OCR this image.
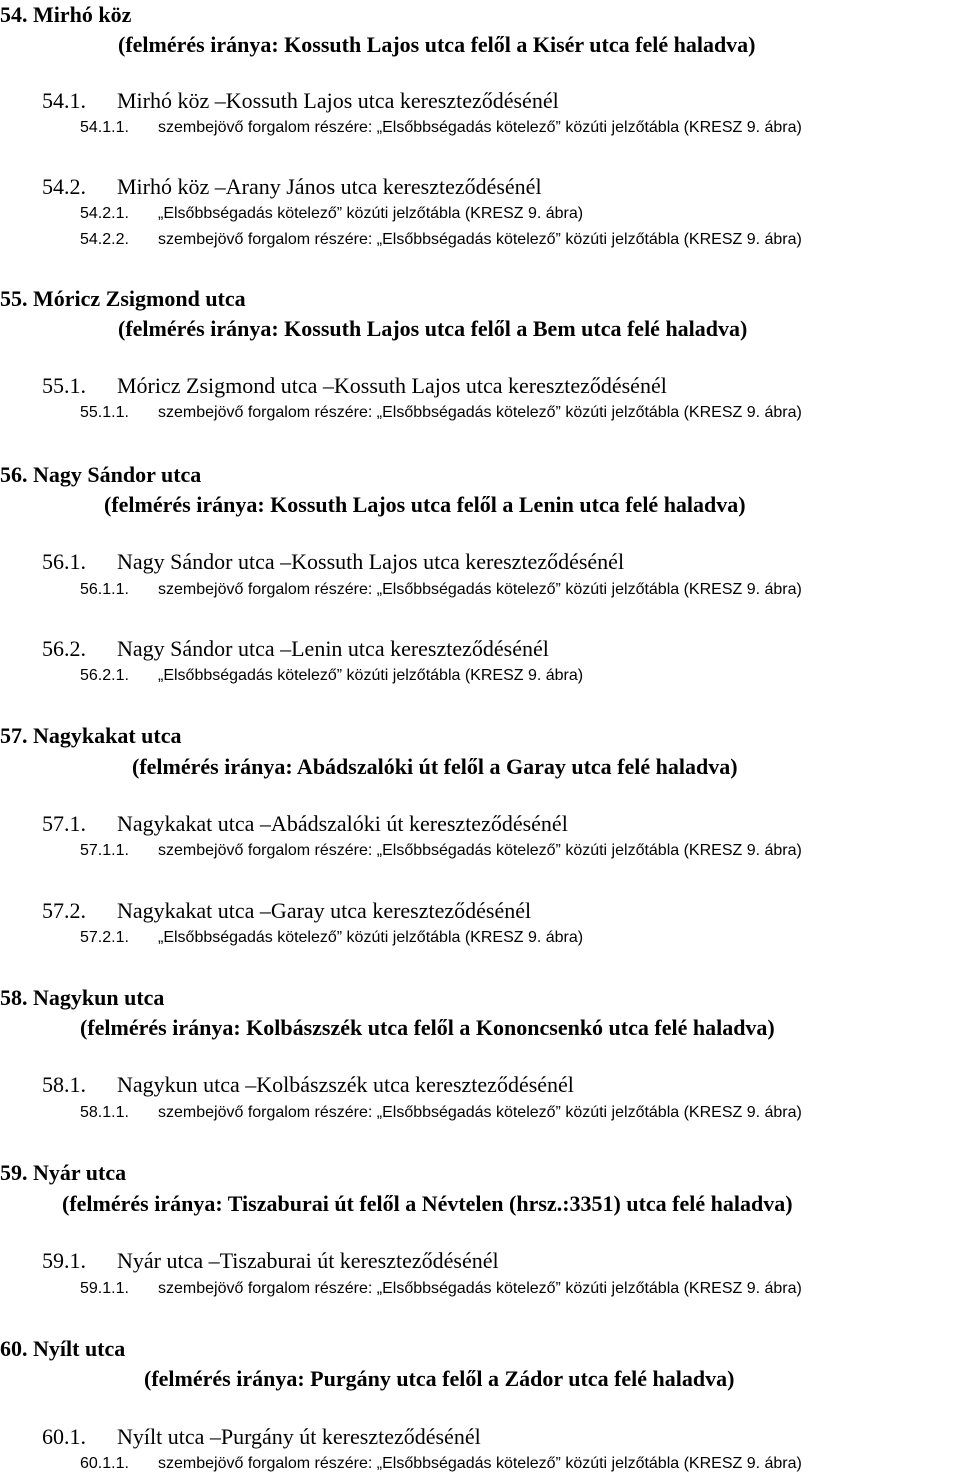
54. Mirhó köz
(felmérés iránya: Kossuth Lajos utca felől a Kisér utca felé haladva)
54.1. Mirhó köz –Kossuth Lajos utca kereszteződésénél
54.1.1. szembejövő forgalom részére: „Elsőbbségadás kötelező” közúti jelzőtábla (KRESZ 9. ábra)
54.2. Mirhó köz –Arany János utca kereszteződésénél
54.2.1. „Elsőbbségadás kötelező” közúti jelzőtábla (KRESZ 9. ábra)
54.2.2. szembejövő forgalom részére: „Elsőbbségadás kötelező” közúti jelzőtábla (KRESZ 9. ábra)
55. Móricz Zsigmond utca
(felmérés iránya: Kossuth Lajos utca felől a Bem utca felé haladva)
55.1. Móricz Zsigmond utca –Kossuth Lajos utca kereszteződésénél
55.1.1. szembejövő forgalom részére: „Elsőbbségadás kötelező” közúti jelzőtábla (KRESZ 9. ábra)
56. Nagy Sándor utca
(felmérés iránya: Kossuth Lajos utca felől a Lenin utca felé haladva)
56.1. Nagy Sándor utca –Kossuth Lajos utca kereszteződésénél
56.1.1. szembejövő forgalom részére: „Elsőbbségadás kötelező” közúti jelzőtábla (KRESZ 9. ábra)
56.2. Nagy Sándor utca –Lenin utca kereszteződésénél
56.2.1. „Elsőbbségadás kötelező” közúti jelzőtábla (KRESZ 9. ábra)
57. Nagykakat utca
(felmérés iránya: Abádszalóki út felől a Garay utca felé haladva)
57.1. Nagykakat utca –Abádszalóki út kereszteződésénél
57.1.1. szembejövő forgalom részére: „Elsőbbségadás kötelező” közúti jelzőtábla (KRESZ 9. ábra)
57.2. Nagykakat utca –Garay utca kereszteződésénél
57.2.1. „Elsőbbségadás kötelező” közúti jelzőtábla (KRESZ 9. ábra)
58. Nagykun utca
(felmérés iránya: Kolbászszék utca felől a Kononcsenkó utca felé haladva)
58.1. Nagykun utca –Kolbászszék utca kereszteződésénél
58.1.1. szembejövő forgalom részére: „Elsőbbségadás kötelező” közúti jelzőtábla (KRESZ 9. ábra)
59. Nyár utca
(felmérés iránya: Tiszaburai út felől a Névtelen (hrsz.:3351) utca felé haladva)
59.1. Nyár utca –Tiszaburai út kereszteződésénél
59.1.1. szembejövő forgalom részére: „Elsőbbségadás kötelező” közúti jelzőtábla (KRESZ 9. ábra)
60. Nyílt utca
(felmérés iránya: Purgány utca felől a Zádor utca felé haladva)
60.1. Nyílt utca –Purgány út kereszteződésénél
60.1.1. szembejövő forgalom részére: „Elsőbbségadás kötelező” közúti jelzőtábla (KRESZ 9. ábra)
